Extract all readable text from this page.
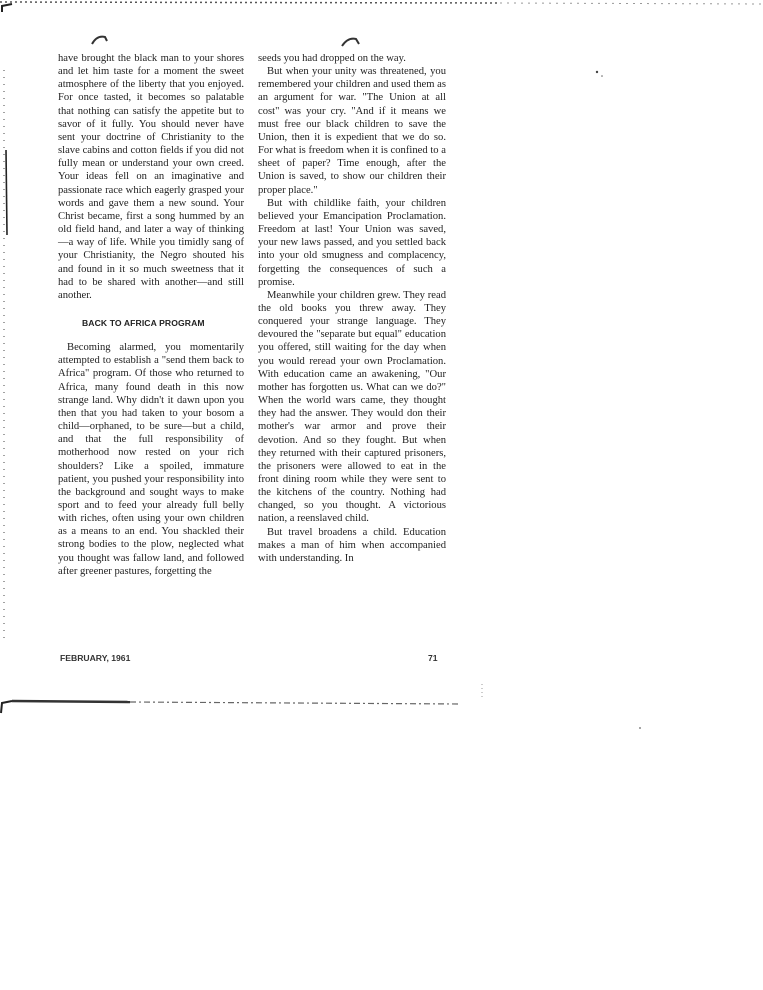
have brought the black man to your shores and let him taste for a moment the sweet atmosphere of the liberty that you enjoyed. For once tasted, it becomes so palatable that nothing can satisfy the appetite but to savor of it fully. You should never have sent your doctrine of Christianity to the slave cabins and cotton fields if you did not fully mean or understand your own creed. Your ideas fell on an imaginative and passionate race which eagerly grasped your words and gave them a new sound. Your Christ became, first a song hummed by an old field hand, and later a way of thinking—a way of life. While you timidly sang of your Christianity, the Negro shouted his and found in it so much sweetness that it had to be shared with another—and still another.

BACK TO AFRICA PROGRAM

Becoming alarmed, you momentarily attempted to establish a "send them back to Africa" program. Of those who returned to Africa, many found death in this now strange land. Why didn't it dawn upon you then that you had taken to your bosom a child—orphaned, to be sure—but a child, and that the full responsibility of motherhood now rested on your rich shoulders? Like a spoiled, immature patient, you pushed your responsibility into the background and sought ways to make sport and to feed your already full belly with riches, often using your own children as a means to an end. You shackled their strong bodies to the plow, neglected what you thought was fallow land, and followed after greener pastures, forgetting the

seeds you had dropped on the way.

But when your unity was threatened, you remembered your children and used them as an argument for war. "The Union at all cost" was your cry. "And if it means we must free our black children to save the Union, then it is expedient that we do so. For what is freedom when it is confined to a sheet of paper? Time enough, after the Union is saved, to show our children their proper place."

But with childlike faith, your children believed your Emancipation Proclamation. Freedom at last! Your Union was saved, your new laws passed, and you settled back into your old smugness and complacency, forgetting the consequences of such a promise.

Meanwhile your children grew. They read the old books you threw away. They conquered your strange language. They devoured the "separate but equal" education you offered, still waiting for the day when you would reread your own Proclamation. With education came an awakening, "Our mother has forgotten us. What can we do?" When the world wars came, they thought they had the answer. They would don their mother's war armor and prove their devotion. And so they fought. But when they returned with their captured prisoners, the prisoners were allowed to eat in the front dining room while they were sent to the kitchens of the country. Nothing had changed, so you thought. A victorious nation, a reenslaved child.

But travel broadens a child. Education makes a man of him when accompanied with understanding. In

FEBRUARY, 1961	71
